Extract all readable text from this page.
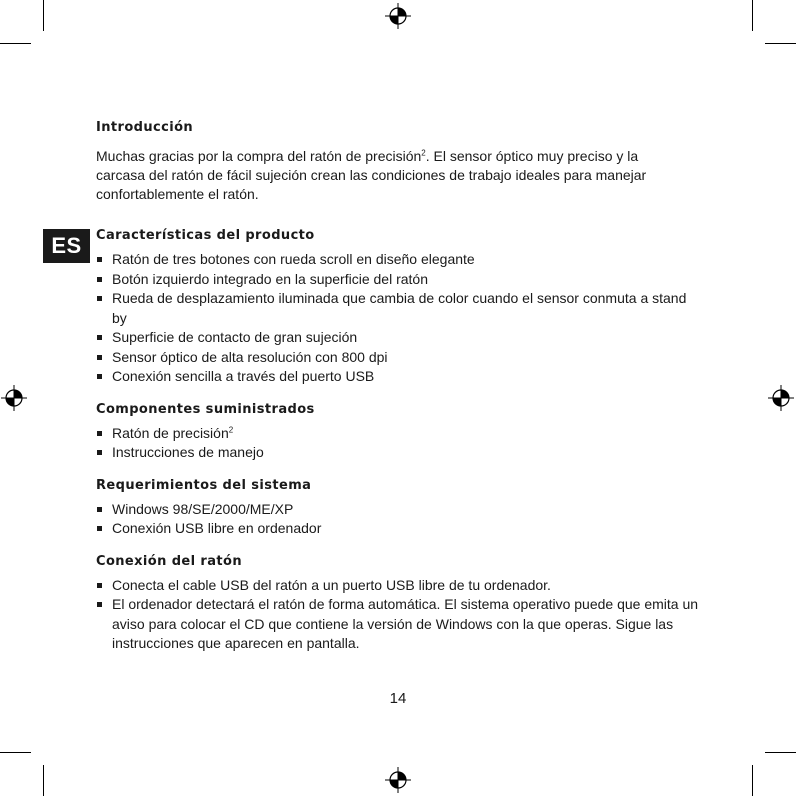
ES
Introducción

Muchas gracias por la compra del ratón de precisión$^2$. El sensor óptico muy preciso y la
carcasa del ratón de fácil sujeción crean las condiciones de trabajo ideales para manejar
confortablemente el ratón.

Características del producto
Ratón de tres botones con rueda scroll en diseño elegante
Botón izquierdo integrado en la superficie del ratón
Rueda de desplazamiento iluminada que cambia de color cuando el sensor conmuta a stand by
Superficie de contacto de gran sujeción
Sensor óptico de alta resolución con 800 dpi
Conexión sencilla a través del puerto USB
Componentes suministrados
Ratón de precisión$^2$
Instrucciones de manejo
Requerimientos del sistema
Windows 98/SE/2000/ME/XP
Conexión USB libre en ordenador
Conexión del ratón
Conecta el cable USB del ratón a un puerto USB libre de tu ordenador.
El ordenador detectará el ratón de forma automática. El sistema operativo puede que emita un aviso para colocar el CD que contiene la versión de Windows con la que operas. Sigue las instrucciones que aparecen en pantalla.
14
